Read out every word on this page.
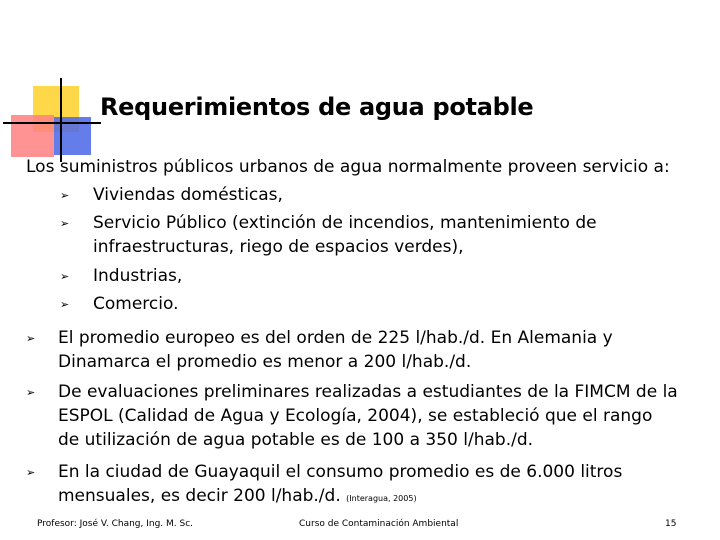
Requerimientos de agua potable
Los suministros públicos urbanos de agua normalmente proveen servicio a:
➢ Viviendas domésticas,
➢ Servicio Público (extinción de incendios, mantenimiento de
infraestructuras, riego de espacios verdes),
➢ Industrias,
➢ Comercio.
➢ El promedio europeo es del orden de 225 l/hab./d. En Alemania y
Dinamarca el promedio es menor a 200 l/hab./d.
➢ De evaluaciones preliminares realizadas a estudiantes de la FIMCM de la
ESPOL (Calidad de Agua y Ecología, 2004), se estableció que el rango
de utilización de agua potable es de 100 a 350 l/hab./d.
➢ En la ciudad de Guayaquil el consumo promedio es de 6.000 litros
mensuales, es decir 200 l/hab./d. (Interagua, 2005)
Profesor: José V. Chang, Ing. M. Sc.	Curso de Contaminación Ambiental	15
